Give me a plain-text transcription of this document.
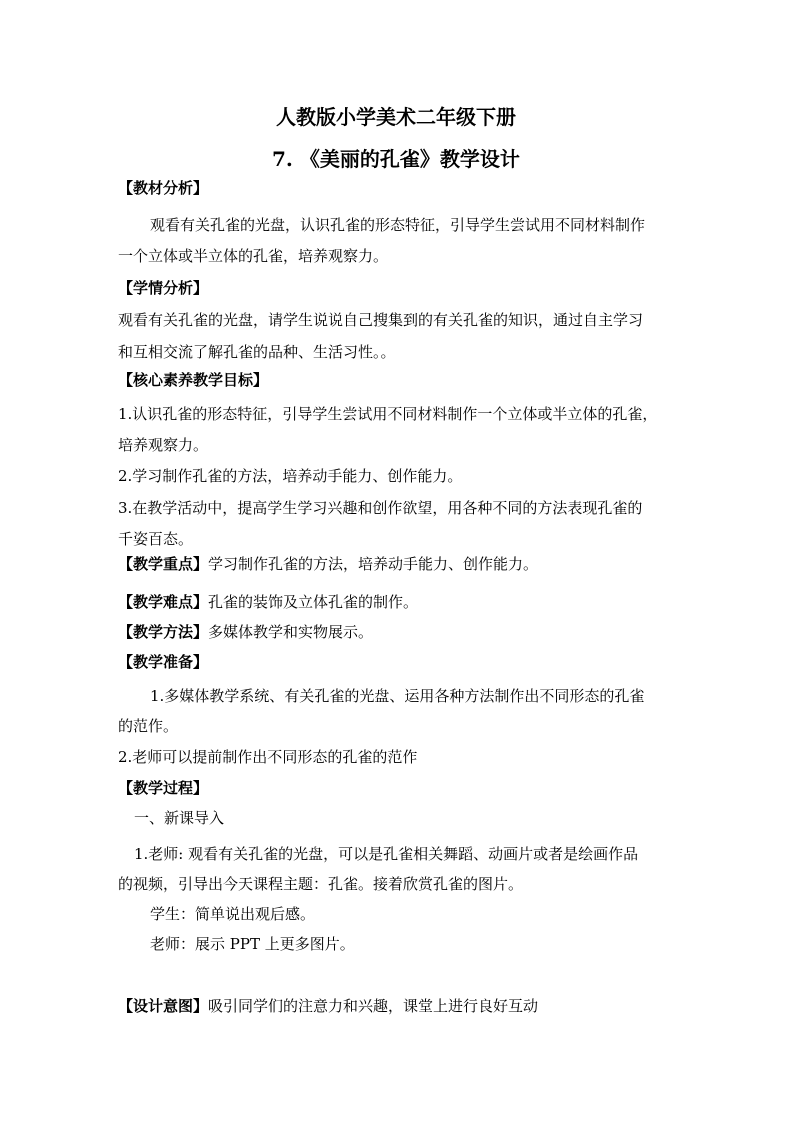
人教版小学美术二年级下册
7. 《美丽的孔雀》教学设计
【教材分析】
观看有关孔雀的光盘，认识孔雀的形态特征，引导学生尝试用不同材料制作
一个立体或半立体的孔雀，培养观察力。
【学情分析】
观看有关孔雀的光盘，请学生说说自己搜集到的有关孔雀的知识，通过自主学习
和互相交流了解孔雀的品种、生活习性。。
【核心素养教学目标】
1.认识孔雀的形态特征，引导学生尝试用不同材料制作一个立体或半立体的孔雀，
培养观察力。
2.学习制作孔雀的方法，培养动手能力、创作能力。
3.在教学活动中，提高学生学习兴趣和创作欲望，用各种不同的方法表现孔雀的
千姿百态。
【教学重点】学习制作孔雀的方法，培养动手能力、创作能力。
【教学难点】孔雀的装饰及立体孔雀的制作。
【教学方法】多媒体教学和实物展示。
【教学准备】
1.多媒体教学系统、有关孔雀的光盘、运用各种方法制作出不同形态的孔雀
的范作。
2.老师可以提前制作出不同形态的孔雀的范作
【教学过程】
一、新课导入
1.老师: 观看有关孔雀的光盘，可以是孔雀相关舞蹈、动画片或者是绘画作品
的视频，引导出今天课程主题：孔雀。接着欣赏孔雀的图片。
学生：简单说出观后感。
老师：展示 PPT 上更多图片。
【设计意图】吸引同学们的注意力和兴趣，课堂上进行良好互动
